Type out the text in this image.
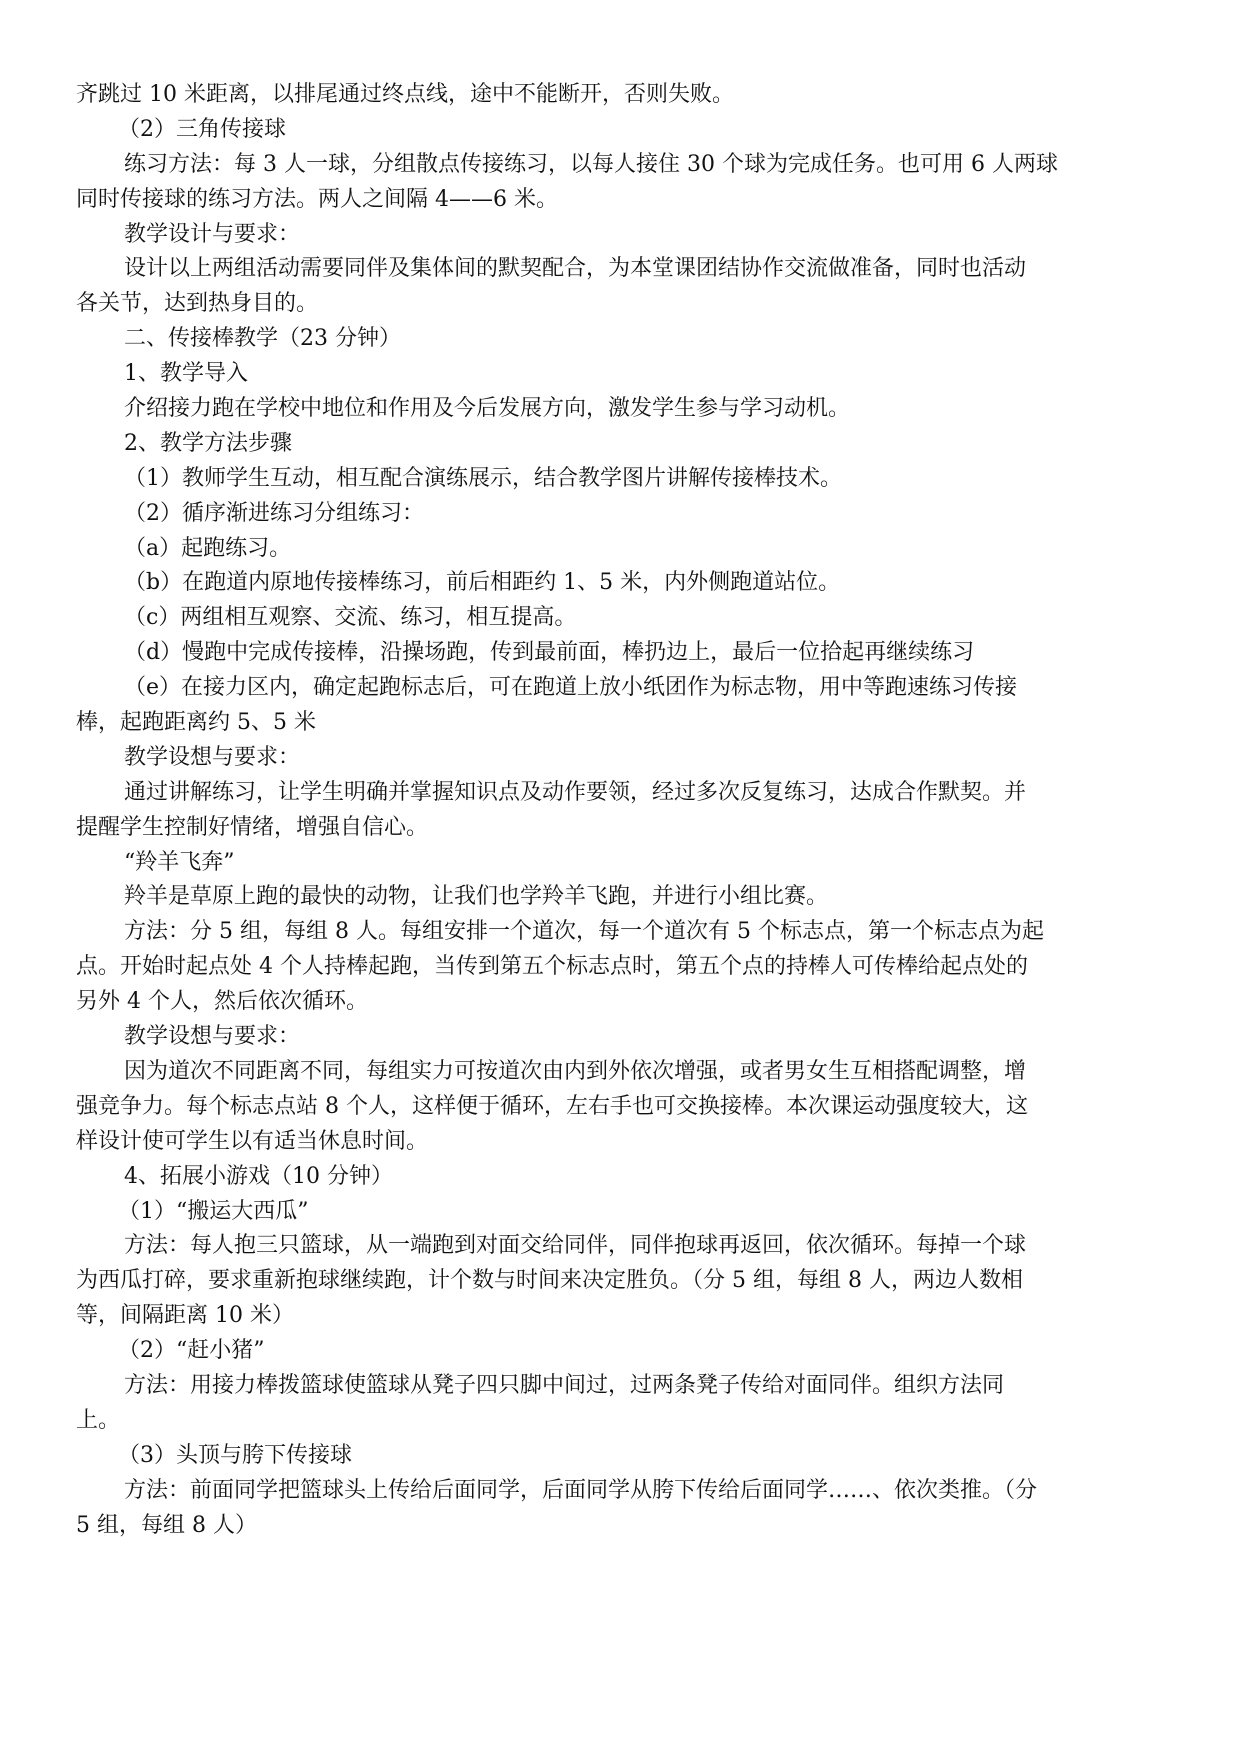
齐跳过 10 米距离，以排尾通过终点线，途中不能断开，否则失败。
（2）三角传接球
练习方法：每 3 人一球，分组散点传接练习，以每人接住 30 个球为完成任务。也可用 6 人两球
同时传接球的练习方法。两人之间隔 4——6 米。
教学设计与要求：
设计以上两组活动需要同伴及集体间的默契配合，为本堂课团结协作交流做准备，同时也活动
各关节，达到热身目的。
二、传接棒教学（23 分钟）
1、教学导入
介绍接力跑在学校中地位和作用及今后发展方向，激发学生参与学习动机。
2、教学方法步骤
（1）教师学生互动，相互配合演练展示，结合教学图片讲解传接棒技术。
（2）循序渐进练习分组练习：
（a）起跑练习。
（b）在跑道内原地传接棒练习，前后相距约 1、5 米，内外侧跑道站位。
（c）两组相互观察、交流、练习，相互提高。
（d）慢跑中完成传接棒，沿操场跑，传到最前面，棒扔边上，最后一位拾起再继续练习
（e）在接力区内，确定起跑标志后，可在跑道上放小纸团作为标志物，用中等跑速练习传接
棒，起跑距离约 5、5 米
教学设想与要求：
通过讲解练习，让学生明确并掌握知识点及动作要领，经过多次反复练习，达成合作默契。并
提醒学生控制好情绪，增强自信心。
“羚羊飞奔”
羚羊是草原上跑的最快的动物，让我们也学羚羊飞跑，并进行小组比赛。
方法：分 5 组，每组 8 人。每组安排一个道次，每一个道次有 5 个标志点，第一个标志点为起
点。开始时起点处 4 个人持棒起跑，当传到第五个标志点时，第五个点的持棒人可传棒给起点处的
另外 4 个人，然后依次循环。
教学设想与要求：
因为道次不同距离不同，每组实力可按道次由内到外依次增强，或者男女生互相搭配调整，增
强竞争力。每个标志点站 8 个人，这样便于循环，左右手也可交换接棒。本次课运动强度较大，这
样设计使可学生以有适当休息时间。
4、拓展小游戏（10 分钟）
（1）“搬运大西瓜”
方法：每人抱三只篮球，从一端跑到对面交给同伴，同伴抱球再返回，依次循环。每掉一个球
为西瓜打碎，要求重新抱球继续跑，计个数与时间来决定胜负。（分 5 组，每组 8 人，两边人数相
等，间隔距离 10 米）
（2）“赶小猪”
方法：用接力棒拨篮球使篮球从凳子四只脚中间过，过两条凳子传给对面同伴。组织方法同
上。
（3）头顶与胯下传接球
方法：前面同学把篮球头上传给后面同学，后面同学从胯下传给后面同学……、依次类推。（分
5 组，每组 8 人）
